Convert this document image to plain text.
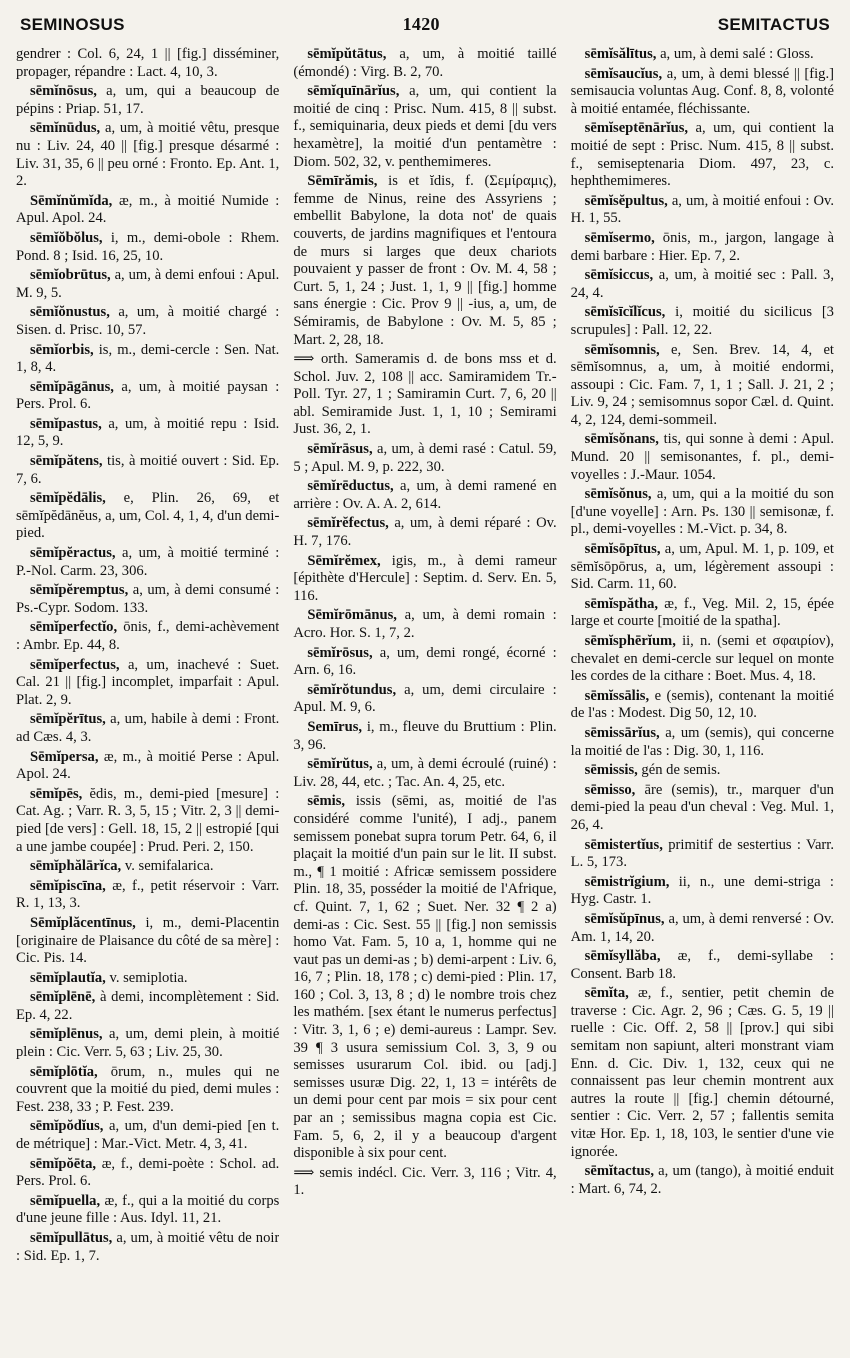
SEMINOSUS	1420	SEMITACTUS

gendrer : Col. 6, 24, 1 || [fig.] disséminer, propager, répandre : Lact. 4, 10, 3.

sēmĭnōsus, a, um, qui a beaucoup de pépins : Priap. 51, 17.

sēmĭnūdus, a, um, à moitié vêtu, presque nu : Liv. 24, 40 || [fig.] presque désarmé : Liv. 31, 35, 6 || peu orné : Fronto. Ep. Ant. 1, 2.

Sēmĭnŭmĭda, æ, m., à moitié Numide : Apul. Apol. 24.

sēmĭŏbŏlus, i, m., demi-obole : Rhem. Pond. 8 ; Isid. 16, 25, 10.

sēmĭobrūtus, a, um, à demi enfoui : Apul. M. 9, 5.

sēmĭŏnustus, a, um, à moitié chargé : Sisen. d. Prisc. 10, 57.

sēmĭorbis, is, m., demi-cercle : Sen. Nat. 1, 8, 4.

sēmĭpāgānus, a, um, à moitié paysan : Pers. Prol. 6.

sēmĭpastus, a, um, à moitié repu : Isid. 12, 5, 9.

sēmĭpătens, tis, à moitié ouvert : Sid. Ep. 7, 6.

sēmĭpĕdālis, e, Plin. 26, 69, et sēmĭpĕdānĕus, a, um, Col. 4, 1, 4, d'un demi-pied.

sēmĭpĕractus, a, um, à moitié terminé : P.-Nol. Carm. 23, 306.

sēmĭpĕremptus, a, um, à demi consumé : Ps.-Cypr. Sodom. 133.

sēmĭperfectĭo, ōnis, f., demi-achèvement : Ambr. Ep. 44, 8.

sēmĭperfectus, a, um, inachevé : Suet. Cal. 21 || [fig.] incomplet, imparfait : Apul. Plat. 2, 9.

sēmĭpĕrītus, a, um, habile à demi : Front. ad Cæs. 4, 3.

Sēmĭpersa, æ, m., à moitié Perse : Apul. Apol. 24.

sēmĭpēs, ĕdis, m., demi-pied [mesure] : Cat. Ag. ; Varr. R. 3, 5, 15 ; Vitr. 2, 3 || demi-pied [de vers] : Gell. 18, 15, 2 || estropié [qui a une jambe coupée] : Prud. Peri. 2, 150.

sēmĭphălārĭca, v. semifalarica.

sēmĭpiscīna, æ, f., petit réservoir : Varr. R. 1, 13, 3.

Sēmĭplăcentīnus, i, m., demi-Placentin [originaire de Plaisance du côté de sa mère] : Cic. Pis. 14.

sēmĭplautĭa, v. semiplotia.

sēmĭplēnē, à demi, incomplètement : Sid. Ep. 4, 22.

sēmĭplēnus, a, um, demi plein, à moitié plein : Cic. Verr. 5, 63 ; Liv. 25, 30.

sēmĭplōtĭa, ōrum, n., mules qui ne couvrent que la moitié du pied, demi mules : Fest. 238, 33 ; P. Fest. 239.

sēmĭpŏdĭus, a, um, d'un demi-pied [en t. de métrique] : Mar.-Vict. Metr. 4, 3, 41.

sēmĭpŏēta, æ, f., demi-poète : Schol. ad. Pers. Prol. 6.

sēmĭpuella, æ, f., qui a la moitié du corps d'une jeune fille : Aus. Idyl. 11, 21.

sēmĭpullātus, a, um, à moitié vêtu de noir : Sid. Ep. 1, 7.

sēmĭpŭtātus, a, um, à moitié taillé (émondé) : Virg. B. 2, 70.

sēmĭquīnārĭus, a, um, qui contient la moitié de cinq : Prisc. Num. 415, 8 || subst. f., semiquinaria, deux pieds et demi [du vers hexamètre], la moitié d'un pentamètre : Diom. 502, 32, v. penthemimeres.

Sēmīrămis, is et ĭdis, f. (Σεμίραμις), femme de Ninus, reine des Assyriens ; embellit Babylone, la dota not' de quais couverts, de jardins magnifiques et l'entoura de murs si larges que deux chariots pouvaient y passer de front : Ov. M. 4, 58 ; Curt. 5, 1, 24 ; Just. 1, 1, 9 || [fig.] homme sans énergie : Cic. Prov 9 || -ius, a, um, de Sémiramis, de Babylone : Ov. M. 5, 85 ; Mart. 2, 28, 18.

⟹ orth. Sameramis d. de bons mss et d. Schol. Juv. 2, 108 || acc. Samiramidem Tr.-Poll. Tyr. 27, 1 ; Samiramin Curt. 7, 6, 20 || abl. Semiramide Just. 1, 1, 10 ; Semirami Just. 36, 2, 1.

sēmĭrāsus, a, um, à demi rasé : Catul. 59, 5 ; Apul. M. 9, p. 222, 30.

sēmĭrēductus, a, um, à demi ramené en arrière : Ov. A. A. 2, 614.

sēmĭrĕfectus, a, um, à demi réparé : Ov. H. 7, 176.

Sēmĭrĕmex, igis, m., à demi rameur [épithète d'Hercule] : Septim. d. Serv. En. 5, 116.

Sēmĭrōmānus, a, um, à demi romain : Acro. Hor. S. 1, 7, 2.

sēmĭrōsus, a, um, demi rongé, écorné : Arn. 6, 16.

sēmĭrŏtundus, a, um, demi circulaire : Apul. M. 9, 6.

Semīrus, i, m., fleuve du Bruttium : Plin. 3, 96.

sēmĭrŭtus, a, um, à demi écroulé (ruiné) : Liv. 28, 44, etc. ; Tac. An. 4, 25, etc.

sēmis, issis (sēmi, as, moitié de l'as considéré comme l'unité), I adj., panem semissem ponebat supra torum Petr. 64, 6, il plaçait la moitié d'un pain sur le lit. II subst. m., ¶ 1 moitié : Africæ semissem possidere Plin. 18, 35, posséder la moitié de l'Afrique, cf. Quint. 7, 1, 62 ; Suet. Ner. 32 ¶ 2 a) demi-as : Cic. Sest. 55 || [fig.] non semissis homo Vat. Fam. 5, 10 a, 1, homme qui ne vaut pas un demi-as ; b) demi-arpent : Liv. 6, 16, 7 ; Plin. 18, 178 ; c) demi-pied : Plin. 17, 160 ; Col. 3, 13, 8 ; d) le nombre trois chez les mathém. [sex étant le numerus perfectus] : Vitr. 3, 1, 6 ; e) demi-aureus : Lampr. Sev. 39 ¶ 3 usura semissium Col. 3, 3, 9 ou semisses usurarum Col. ibid. ou [adj.] semisses usuræ Dig. 22, 1, 13 = intérêts de un demi pour cent par mois = six pour cent par an ; semissibus magna copia est Cic. Fam. 5, 6, 2, il y a beaucoup d'argent disponible à six pour cent.

⟹ semis indécl. Cic. Verr. 3, 116 ; Vitr. 4, 1.

sēmĭsălītus, a, um, à demi salé : Gloss.

sēmĭsaucĭus, a, um, à demi blessé || [fig.] semisaucia voluntas Aug. Conf. 8, 8, volonté à moitié entamée, fléchissante.

sēmĭseptēnārĭus, a, um, qui contient la moitié de sept : Prisc. Num. 415, 8 || subst. f., semiseptenaria Diom. 497, 23, c. hephthemimeres.

sēmĭsĕpultus, a, um, à moitié enfoui : Ov. H. 1, 55.

sēmĭsermo, ōnis, m., jargon, langage à demi barbare : Hier. Ep. 7, 2.

sēmĭsiccus, a, um, à moitié sec : Pall. 3, 24, 4.

sēmĭsīcĭlĭcus, i, moitié du sicilicus [3 scrupules] : Pall. 12, 22.

sēmĭsomnis, e, Sen. Brev. 14, 4, et sēmĭsomnus, a, um, à moitié endormi, assoupi : Cic. Fam. 7, 1, 1 ; Sall. J. 21, 2 ; Liv. 9, 24 ; semisomnus sopor Cæl. d. Quint. 4, 2, 124, demi-sommeil.

sēmĭsŏnans, tis, qui sonne à demi : Apul. Mund. 20 || semisonantes, f. pl., demi-voyelles : J.-Maur. 1054.

sēmĭsŏnus, a, um, qui a la moitié du son [d'une voyelle] : Arn. Ps. 130 || semisonæ, f. pl., demi-voyelles : M.-Vict. p. 34, 8.

sēmĭsōpītus, a, um, Apul. M. 1, p. 109, et sēmĭsōpōrus, a, um, légèrement assoupi : Sid. Carm. 11, 60.

sēmĭspătha, æ, f., Veg. Mil. 2, 15, épée large et courte [moitié de la spatha].

sēmĭsphērĭum, ii, n. (semi et σφαιρίον), chevalet en demi-cercle sur lequel on monte les cordes de la cithare : Boet. Mus. 4, 18.

sēmĭssālis, e (semis), contenant la moitié de l'as : Modest. Dig 50, 12, 10.

sēmissārĭus, a, um (semis), qui concerne la moitié de l'as : Dig. 30, 1, 116.

sēmissis, gén de semis.

sēmisso, āre (semis), tr., marquer d'un demi-pied la peau d'un cheval : Veg. Mul. 1, 26, 4.

sēmistertĭus, primitif de sestertius : Varr. L. 5, 173.

sēmistrĭgium, ii, n., une demi-striga : Hyg. Castr. 1.

sēmĭsŭpīnus, a, um, à demi renversé : Ov. Am. 1, 14, 20.

sēmĭsyllăba, æ, f., demi-syllabe : Consent. Barb 18.

sēmĭta, æ, f., sentier, petit chemin de traverse : Cic. Agr. 2, 96 ; Cæs. G. 5, 19 || ruelle : Cic. Off. 2, 58 || [prov.] qui sibi semitam non sapiunt, alteri monstrant viam Enn. d. Cic. Div. 1, 132, ceux qui ne connaissent pas leur chemin montrent aux autres la route || [fig.] chemin détourné, sentier : Cic. Verr. 2, 57 ; fallentis semita vitæ Hor. Ep. 1, 18, 103, le sentier d'une vie ignorée.

sēmĭtactus, a, um (tango), à moitié enduit : Mart. 6, 74, 2.
